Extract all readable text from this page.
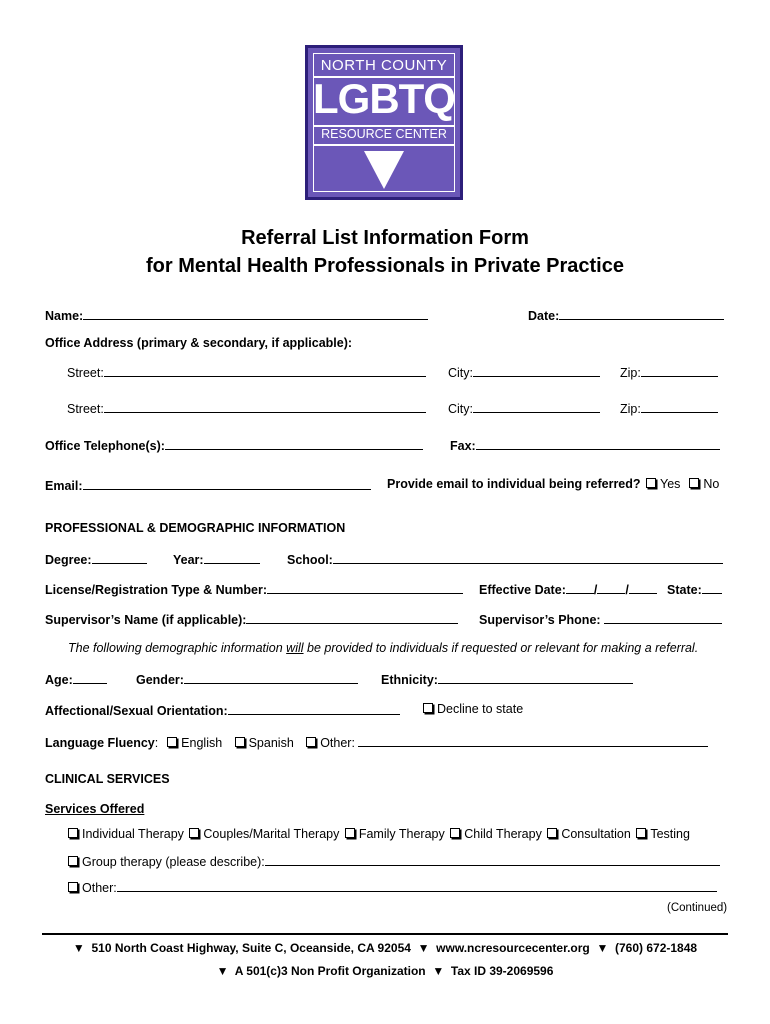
NORTH COUNTY
LGBTQ
RESOURCE CENTER
Referral List Information Form
for Mental Health Professionals in Private Practice
Name:	Date:
Office Address (primary & secondary, if applicable):
Street:	City:	Zip:
Street:	City:	Zip:
Office Telephone(s):	Fax:
Email:	Provide email to individual being referred? Yes No
PROFESSIONAL & DEMOGRAPHIC INFORMATION
Degree:	Year:	School:
License/Registration Type & Number:	Effective Date: / /	State:
Supervisor’s Name (if applicable):	Supervisor’s Phone:
The following demographic information will be provided to individuals if requested or relevant for making a referral.
Age:	Gender:	Ethnicity:
Affectional/Sexual Orientation:	Decline to state
Language Fluency:  English Spanish Other:
CLINICAL SERVICES
Services Offered
Individual Therapy Couples/Marital Therapy Family Therapy Child Therapy Consultation Testing
Group therapy (please describe):
Other:
(Continued)
▼ 510 North Coast Highway, Suite C, Oceanside, CA 92054 ▼ www.ncresourcecenter.org ▼ (760) 672-1848
▼ A 501(c)3 Non Profit Organization ▼ Tax ID 39-2069596
